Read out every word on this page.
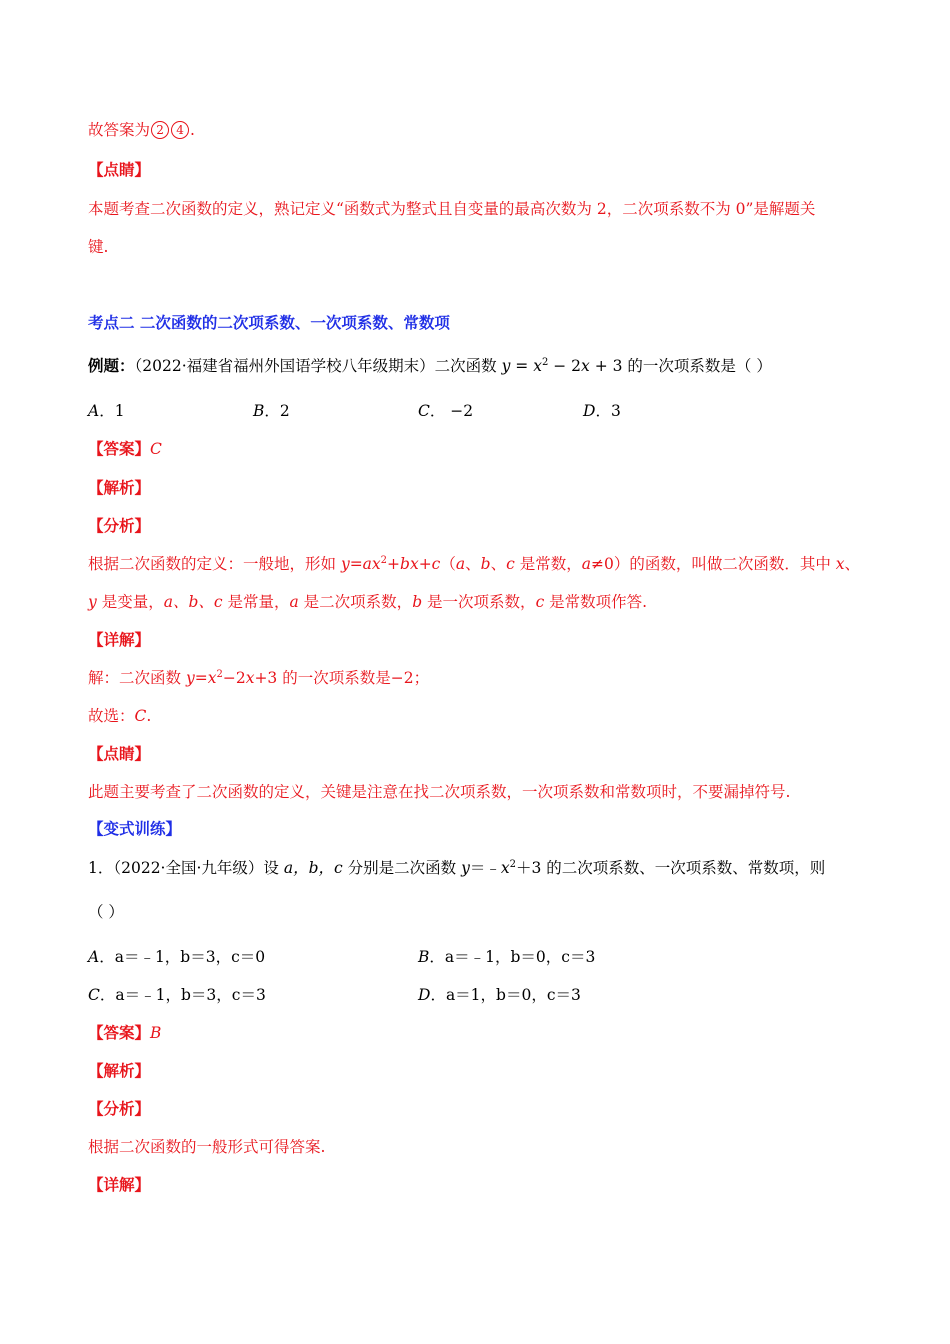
故答案为 2 4 .
【点睛】
本题考查二次函数的定义，熟记定义“函数式为整式且自变量的最高次数为 2，二次项系数不为 0”是解题关
键.
考点二 二次函数的二次项系数、一次项系数、常数项
例题：（2022·福建省福州外国语学校八年级期末）二次函数 $y = x^2 - 2x + 3$ 的一次项系数是（ ）
A．1	B．2	C． −2	D．3
【答案】C
【解析】
【分析】
根据二次函数的定义：一般地，形如 $y=ax^2+bx+c(a$、b、c 是常数，a≠0）的函数，叫做二次函数．其中 x、
y 是变量，a、b、c 是常量，a 是二次项系数，b 是一次项系数，c 是常数项作答.
【详解】
解：二次函数 $y=x^2-2x+3$ 的一次项系数是−2；
故选：C.
【点睛】
此题主要考查了二次函数的定义，关键是注意在找二次项系数，一次项系数和常数项时，不要漏掉符号.
【变式训练】
1．（2022·全国·九年级）设 a，b，c 分别是二次函数 $y=﹣x^2+3$ 的二次项系数、一次项系数、常数项，则
（ ）
A．a＝﹣1，b＝3，c＝0	B．a＝﹣1，b＝0，c＝3
C．a＝﹣1，b＝3，c＝3	D．a＝1，b＝0，c＝3
【答案】B
【解析】
【分析】
根据二次函数的一般形式可得答案.
【详解】
